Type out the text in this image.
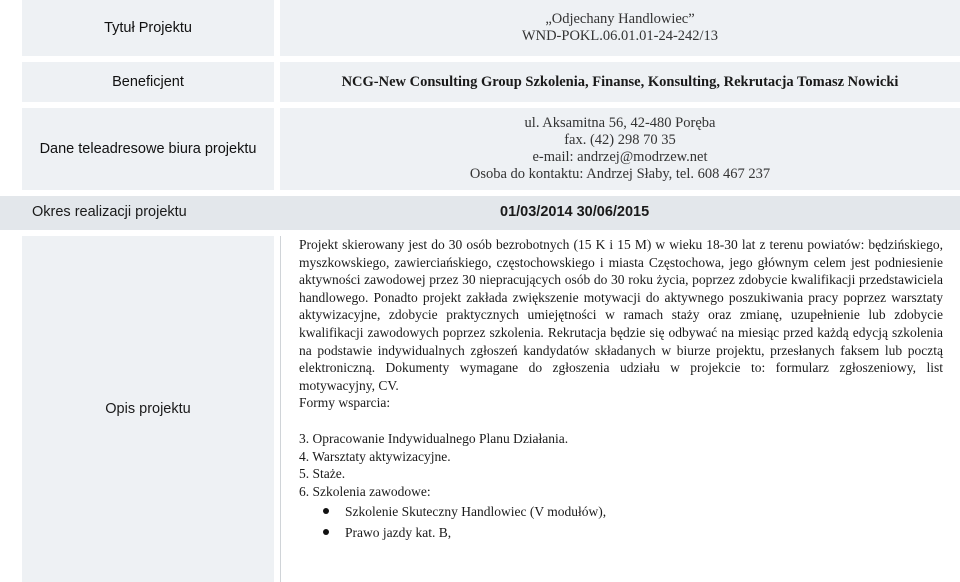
Tytuł Projektu
„Odjechany Handlowiec”
WND-POKL.06.01.01-24-242/13
Beneficjent	NCG-New Consulting Group Szkolenia, Finanse, Konsulting, Rekrutacja Tomasz Nowicki
Dane teleadresowe biura projektu
ul. Aksamitna 56, 42-480 Poręba
fax. (42) 298 70 35
e-mail: andrzej@modrzew.net
Osoba do kontaktu: Andrzej Słaby, tel. 608 467 237
Okres realizacji projektu	01/03/2014 30/06/2015
Opis projektu

Projekt skierowany jest do 30 osób bezrobotnych (15 K i 15 M) w wieku 18-30 lat z terenu powiatów: będzińskiego, myszkowskiego, zawierciańskiego, częstochowskiego i miasta Częstochowa, jego głównym celem jest podniesienie aktywności zawodowej przez 30 niepracujących osób do 30 roku życia, poprzez zdobycie kwalifikacji przedstawiciela handlowego. Ponadto projekt zakłada zwiększenie motywacji do aktywnego poszukiwania pracy poprzez warsztaty aktywizacyjne, zdobycie praktycznych umiejętności w ramach staży oraz zmianę, uzupełnienie lub zdobycie kwalifikacji zawodowych poprzez szkolenia. Rekrutacja będzie się odbywać na miesiąc przed każdą edycją szkolenia na podstawie indywidualnych zgłoszeń kandydatów składanych w biurze projektu, przesłanych faksem lub pocztą elektroniczną. Dokumenty wymagane do zgłoszenia udziału w projekcie to: formularz zgłoszeniowy, list motywacyjny, CV.

Formy wsparcia:

3. Opracowanie Indywidualnego Planu Działania.
4. Warsztaty aktywizacyjne.
5. Staże.
6. Szkolenia zawodowe:
Szkolenie Skuteczny Handlowiec (V modułów),
Prawo jazdy kat. B,
